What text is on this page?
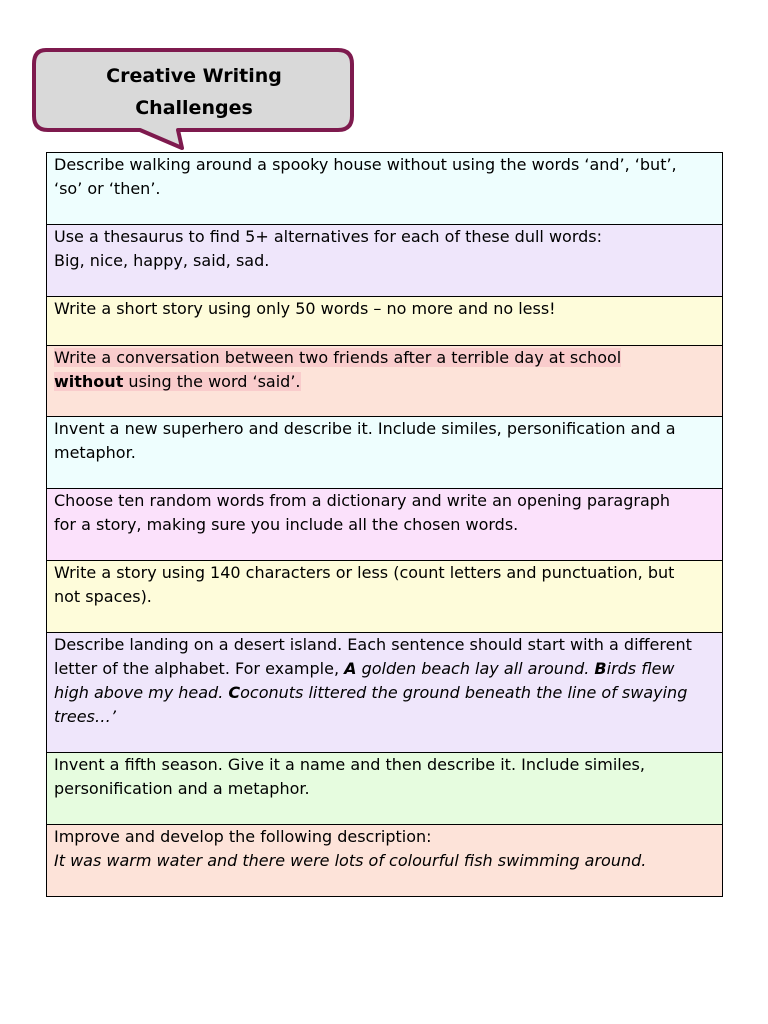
Creative Writing
Challenges
Describe walking around a spooky house without using the words ‘and’, ‘but’,
‘so’ or ‘then’.
Use a thesaurus to find 5+ alternatives for each of these dull words:
Big, nice, happy, said, sad.
Write a short story using only 50 words – no more and no less!
Write a conversation between two friends after a terrible day at school
without using the word ‘said’.
Invent a new superhero and describe it. Include similes, personification and a
metaphor.
Choose ten random words from a dictionary and write an opening paragraph
for a story, making sure you include all the chosen words.
Write a story using 140 characters or less (count letters and punctuation, but
not spaces).
Describe landing on a desert island. Each sentence should start with a different
letter of the alphabet. For example, A golden beach lay all around. Birds flew
high above my head. Coconuts littered the ground beneath the line of swaying
trees…’
Invent a fifth season. Give it a name and then describe it. Include similes,
personification and a metaphor.
Improve and develop the following description:
It was warm water and there were lots of colourful fish swimming around.
